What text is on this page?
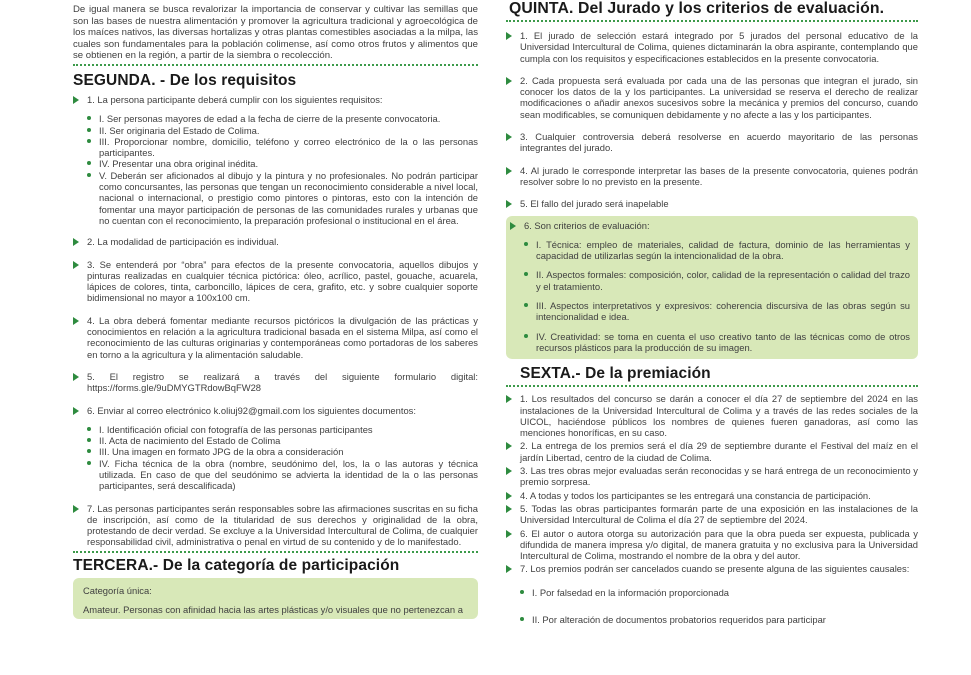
De igual manera se busca revalorizar la importancia de conservar y cultivar las semillas que son las bases de nuestra alimentación y promover la agricultura tradicional y agroecológica de los maíces nativos, las diversas hortalizas y otras plantas comestibles asociadas a la milpa, las cuales son fundamentales para la población colimense, así como otros frutos y alimentos que se obtienen en la región, a partir de la siembra o recolección.

SEGUNDA. - De los requisitos
1. La persona participante deberá cumplir con los siguientes requisitos:

I. Ser personas mayores de edad a la fecha de cierre de la presente convocatoria.

II. Ser originaria del Estado de Colima.

III. Proporcionar nombre, domicilio, teléfono y correo electrónico de la o las personas participantes.

IV. Presentar una obra original inédita.

V. Deberán ser aficionados al dibujo y la pintura y no profesionales. No podrán participar como concursantes, las personas que tengan un reconocimiento considerable a nivel local, nacional o internacional, o prestigio como pintores o pintoras, esto con la intención de fomentar una mayor participación de personas de las comunidades rurales y urbanas que no cuentan con el reconocimiento, la preparación profesional o institucional en el área.

2. La modalidad de participación es individual.
3. Se entenderá por “obra” para efectos de la presente convocatoria, aquellos dibujos y pinturas realizadas en cualquier técnica pictórica: óleo, acrílico, pastel, gouache, acuarela, lápices de colores, tinta, carboncillo, lápices de cera, grafito, etc. y sobre cualquier soporte bidimensional no mayor a 100x100 cm.
4. La obra deberá fomentar mediante recursos pictóricos la divulgación de las prácticas y conocimientos en relación a la agricultura tradicional basada en el sistema Milpa, así como el reconocimiento de las culturas originarias y contemporáneas como portadoras de los saberes en torno a la agricultura y la alimentación saludable.
5. El registro se realizará a través del siguiente formulario digital: https://forms.gle/9uDMYGTRdowBqFW28
6. Enviar al correo electrónico k.oliuj92@gmail.com los siguientes documentos:

I. Identificación oficial con fotografía de las personas participantes

II. Acta de nacimiento del Estado de Colima

III. Una imagen en formato JPG de la obra a consideración

IV. Ficha técnica de la obra (nombre, seudónimo del, los, la o las autoras y técnica utilizada. En caso de que del seudónimo se advierta la identidad de la o las personas participantes, será descalificada)

7. Las personas participantes serán responsables sobre las afirmaciones suscritas en su ficha de inscripción, así como de la titularidad de sus derechos y originalidad de la obra, protestando de decir verdad. Se excluye a la Universidad Intercultural de Colima, de cualquier responsabilidad civil, administrativa o penal en virtud de su contenido y de lo manifestado.
TERCERA.- De la categoría de participación

Categoría única:

Amateur. Personas con afinidad hacia las artes plásticas y/o visuales que no pertenezcan a

QUINTA. Del Jurado y los criterios de evaluación.
1. El jurado de selección estará integrado por 5 jurados del personal educativo de la Universidad Intercultural de Colima, quienes dictaminarán la obra aspirante, contemplando que cumpla con los requisitos y especificaciones establecidos en la presente convocatoria.
2. Cada propuesta será evaluada por cada una de las personas que integran el jurado, sin conocer los datos de la y los participantes. La universidad se reserva el derecho de realizar modificaciones o añadir anexos sucesivos sobre la mecánica y premios del concurso, cuando sean modificables, se comuniquen debidamente y no afecte a las y los participantes.
3. Cualquier controversia deberá resolverse en acuerdo mayoritario de las personas integrantes del jurado.
4. Al jurado le corresponde interpretar las bases de la presente convocatoria, quienes podrán resolver sobre lo no previsto en la presente.
5. El fallo del jurado será inapelable
6. Son criterios de evaluación:

I. Técnica: empleo de materiales, calidad de factura, dominio de las herramientas y capacidad de utilizarlas según la intencionalidad de la obra.

II. Aspectos formales: composición, color, calidad de la representación o calidad del trazo y el tratamiento.

III. Aspectos interpretativos y expresivos: coherencia discursiva de las obras según su intencionalidad e idea.

IV. Creatividad: se toma en cuenta el uso creativo tanto de las técnicas como de otros recursos plásticos para la producción de su imagen.

SEXTA.- De la premiación
1. Los resultados del concurso se darán a conocer el día 27 de septiembre del 2024 en las instalaciones de la Universidad Intercultural de Colima y a través de las redes sociales de la UICOL, haciéndose públicos los nombres de quienes fueren ganadoras, así como las menciones honoríficas, en su caso.
2. La entrega de los premios será el día 29 de septiembre durante el Festival del maíz en el jardín Libertad, centro de la ciudad de Colima.
3. Las tres obras mejor evaluadas serán reconocidas y se hará entrega de un reconocimiento y premio sorpresa.
4. A todas y todos los participantes se les entregará una constancia de participación.
5. Todas las obras participantes formarán parte de una exposición en las instalaciones de la Universidad Intercultural de Colima el día 27 de septiembre del 2024.
6. El autor o autora otorga su autorización para que la obra pueda ser expuesta, publicada y difundida de manera impresa y/o digital, de manera gratuita y no exclusiva para la Universidad Intercultural de Colima, mostrando el nombre de la obra y del autor.
7. Los premios podrán ser cancelados cuando se presente alguna de las siguientes causales:

I. Por falsedad en la información proporcionada

II. Por alteración de documentos probatorios requeridos para participar
